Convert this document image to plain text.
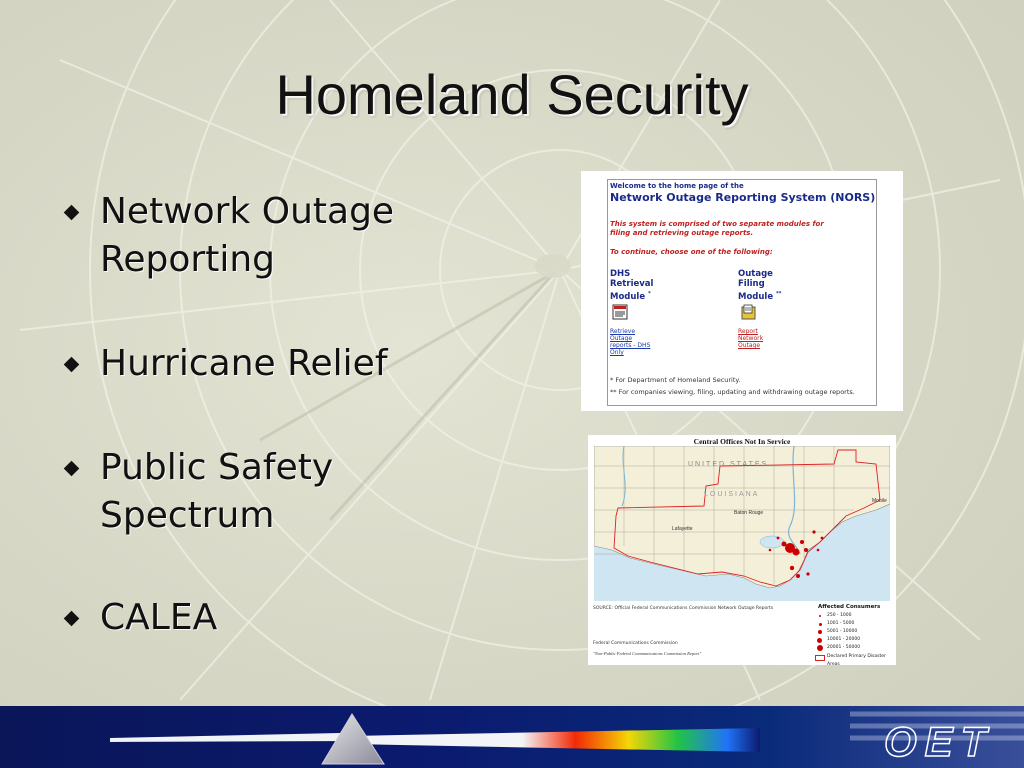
Homeland Security
Network Outage Reporting
Hurricane Relief
Public Safety Spectrum
CALEA
Welcome to the home page of the
Network Outage Reporting System (NORS)
This system is comprised of two separate modules for filing and retrieving outage reports.
To continue, choose one of the following:
DHS
Retrieval
Module *
Outage
Filing
Module **
Retrieve
Outage
reports - DHS
Only
Report
Network
Outage
* For Department of Homeland Security.
** For companies viewing, filing, updating and withdrawing outage reports.
Central Offices Not In Service
UNITED STATES
LOUISIANA
Baton Rouge
Lafayette
Mobile
SOURCE: Official Federal Communications Commission Network Outage Reports
Federal Communications Commission
"Non-Public Federal Communications Commission Report"
Affected Consumers
250 - 1000
1001 - 5000
5001 - 10000
10001 - 20000
20001 - 50000
Declared Primary Disaster Areas
OET
